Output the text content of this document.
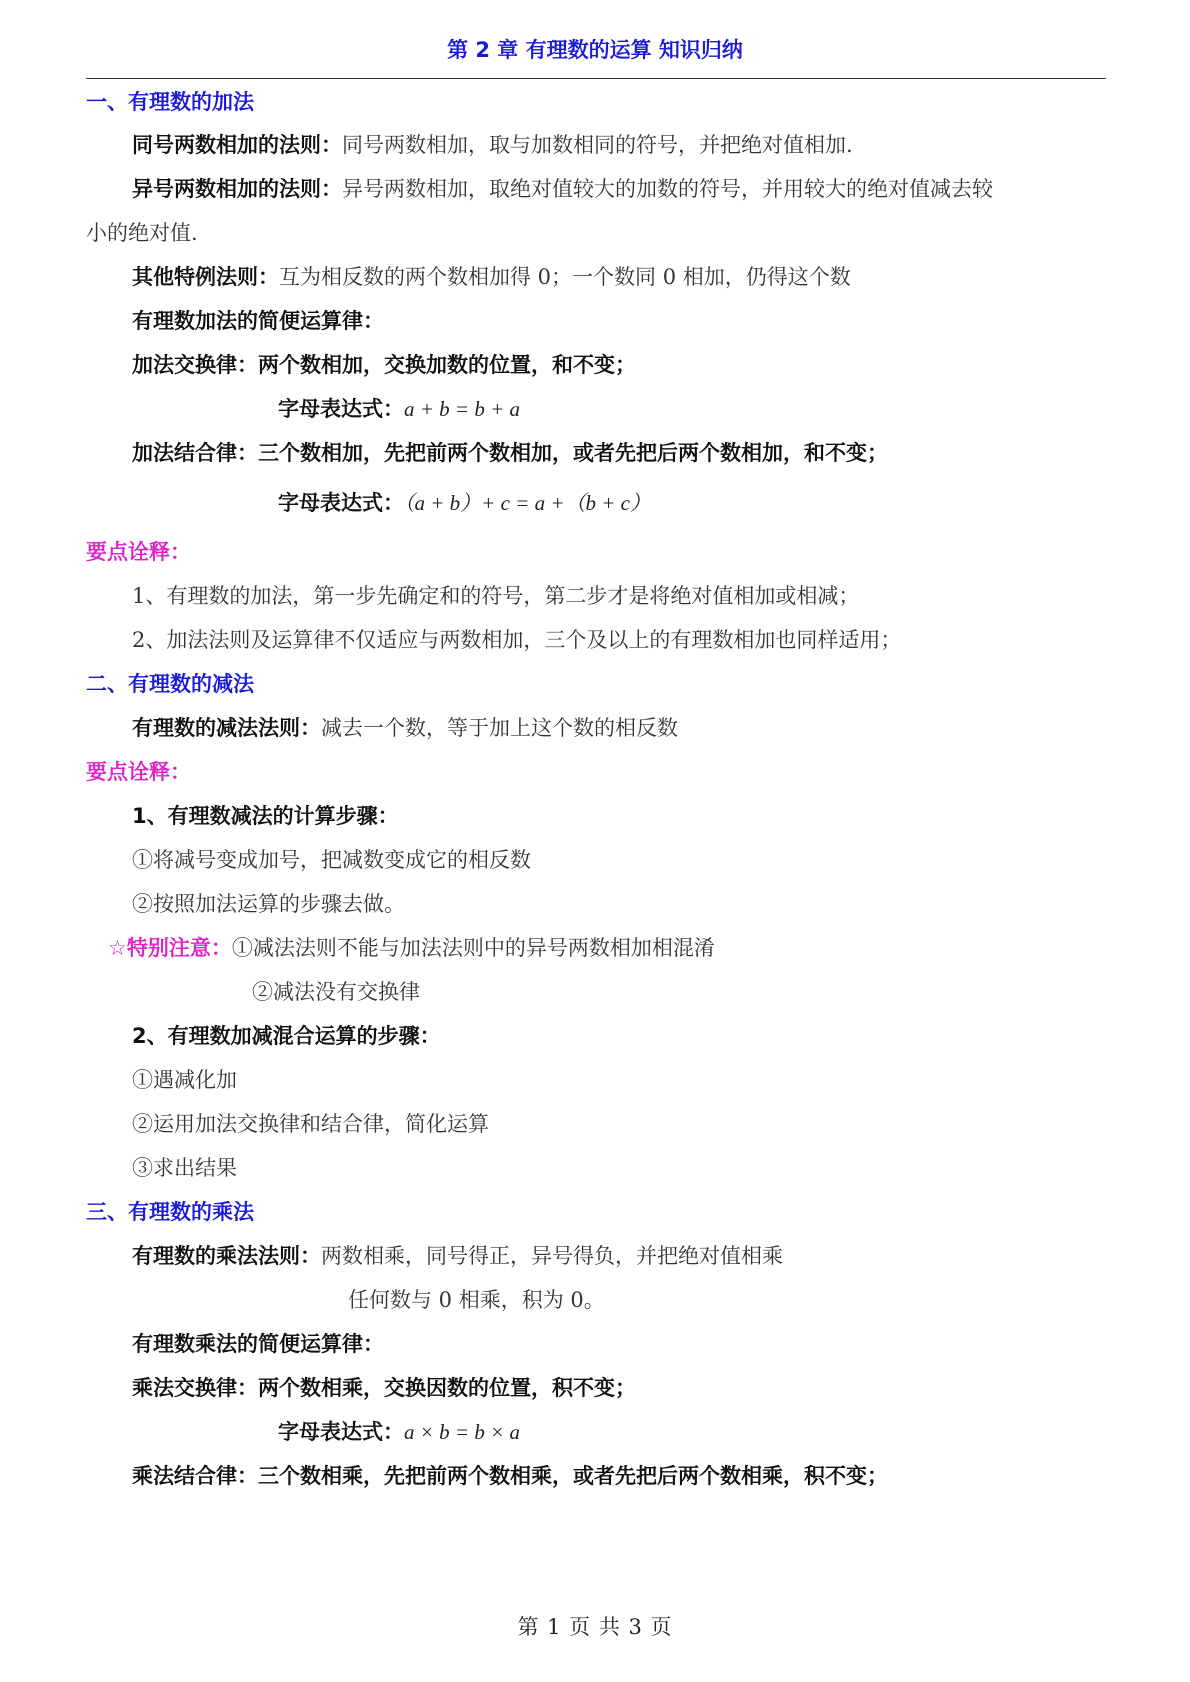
第 2 章 有理数的运算 知识归纳
一、有理数的加法
同号两数相加的法则：同号两数相加，取与加数相同的符号，并把绝对值相加.
异号两数相加的法则：异号两数相加，取绝对值较大的加数的符号，并用较大的绝对值减去较
小的绝对值.
其他特例法则：互为相反数的两个数相加得 0；一个数同 0 相加，仍得这个数
有理数加法的简便运算律：
加法交换律：两个数相加，交换加数的位置，和不变；
字母表达式：a + b = b + a
加法结合律：三个数相加，先把前两个数相加，或者先把后两个数相加，和不变；
字母表达式：（a + b）+ c = a +（b + c）
要点诠释：
1、有理数的加法，第一步先确定和的符号，第二步才是将绝对值相加或相减；
2、加法法则及运算律不仅适应与两数相加，三个及以上的有理数相加也同样适用；
二、有理数的减法
有理数的减法法则：减去一个数，等于加上这个数的相反数
要点诠释：
1、有理数减法的计算步骤：
①将减号变成加号，把减数变成它的相反数
②按照加法运算的步骤去做。
☆特别注意：①减法法则不能与加法法则中的异号两数相加相混淆
②减法没有交换律
2、有理数加减混合运算的步骤：
①遇减化加
②运用加法交换律和结合律，简化运算
③求出结果
三、有理数的乘法
有理数的乘法法则：两数相乘，同号得正，异号得负，并把绝对值相乘
任何数与 0 相乘，积为 0。
有理数乘法的简便运算律：
乘法交换律：两个数相乘，交换因数的位置，积不变；
字母表达式：a × b = b × a
乘法结合律：三个数相乘，先把前两个数相乘，或者先把后两个数相乘，积不变；
第 1 页 共 3 页
